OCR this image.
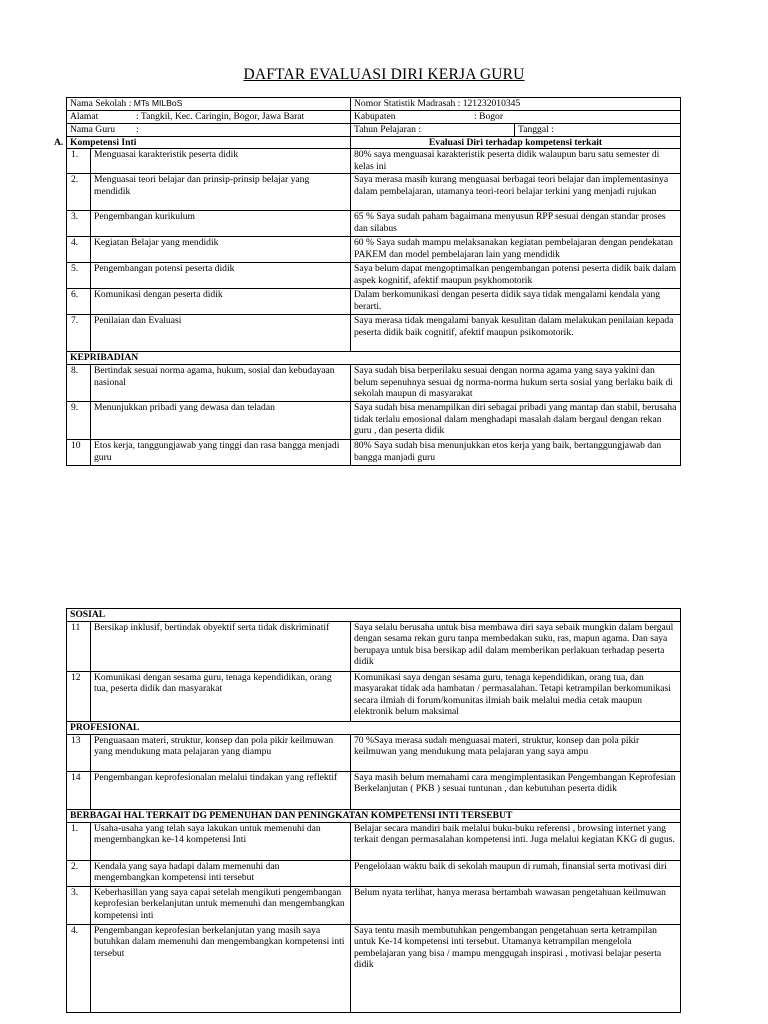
DAFTAR EVALUASI DIRI KERJA GURU
A.
Nama Sekolah : MTs MILBoS		Nomor Statistik Madrasah : 121232010345	
Alamat : Tangkil, Kec. Caringin, Bogor, Jawa Barat		Kabupaten : Bogor	
Nama Guru :		Tahun Pelajaran :	Tanggal :
Kompetensi Inti		Evaluasi Diri terhadap kompetensi terkait	
1.	Menguasai karakteristik peserta didik	80% saya menguasai karakteristik peserta didik walaupun baru satu semester di kelas ini	
2.	Menguasai teori belajar dan prinsip-prinsip belajar yang mendidik	Saya merasa masih kurang menguasai berbagai teori belajar dan implementasinya dalam pembelajaran, utamanya teori-teori belajar terkini yang menjadi rujukan	
3.	Pengembangan kurikulum	65 % Saya sudah paham bagaimana menyusun RPP sesuai dengan standar proses dan silabus	
4.	Kegiatan Belajar yang mendidik	60 % Saya sudah mampu melaksanakan kegiatan pembelajaran dengan pendekatan PAKEM dan model pembelajaran lain yang mendidik	
5.	Pengembangan potensi peserta didik	Saya belum dapat mengoptimalkan pengembangan potensi peserta didik baik dalam aspek kognitif, afektif maupun psykhomotorik	
6.	Komunikasi dengan peserta didik	Dalam berkomunikasi dengan peserta didik saya tidak mengalami kendala yang berarti.	
7.	Penilaian dan Evaluasi	Saya merasa tidak mengalami banyak kesulitan dalam melakukan penilaian kepada peserta didik baik cognitif, afektif maupun psikomotorik.	
KEPRIBADIAN			
8.	Bertindak sesuai norma agama, hukum, sosial dan kebudayaan nasional	Saya sudah bisa berperilaku sesuai dengan norma agama yang saya yakini dan belum sepenuhnya sesuai dg norma-norma hukum serta sosial yang berlaku baik di sekolah maupun di masyarakat	
9.	Menunjukkan pribadi yang dewasa dan teladan	Saya sudah bisa menampilkan diri sebagai pribadi yang mantap dan stabil, berusaha tidak terlalu emosional dalam menghadapi masalah dalam bergaul dengan rekan guru , dan peserta didik	
10	Etos kerja, tanggungjawab yang tinggi dan rasa bangga menjadi guru	80% Saya sudah bisa menunjukkan etos kerja yang baik, bertanggungjawab dan bangga manjadi guru	
SOSIAL		
11	Bersikap inklusif, bertindak obyektif serta tidak diskriminatif	Saya selalu berusaha untuk bisa membawa diri saya sebaik mungkin dalam bergaul dengan sesama rekan guru tanpa membedakan suku, ras, mapun agama. Dan saya berupaya untuk bisa bersikap adil dalam memberikan perlakuan terhadap peserta didik
12	Komunikasi dengan sesama guru, tenaga kependidikan, orang tua, peserta didik dan masyarakat	Komunikasi saya dengan sesama guru, tenaga kependidikan, orang tua, dan masyarakat tidak ada hambatan / permasalahan. Tetapi ketrampilan berkomunikasi secara ilmiah di forum/komunitas ilmiah baik melalui media cetak maupun elektronik belum maksimal
PROFESIONAL		
13	Penguasaan materi, struktur, konsep dan pola pikir keilmuwan yang mendukung mata pelajaran yang diampu	70 %Saya merasa sudah menguasai materi, struktur, konsep dan pola pikir keilmuwan yang mendukung mata pelajaran yang saya ampu
14	Pengembangan keprofesionalan melalui tindakan yang reflektif	Saya masih belum memahami cara mengimplentasikan Pengembangan Keprofesian Berkelanjutan ( PKB ) sesuai tuntunan , dan kebutuhan peserta didik
BERBAGAI HAL TERKAIT DG PEMENUHAN DAN PENINGKATAN KOMPETENSI INTI TERSEBUT		
1.	Usaha-usaha yang telah saya lakukan untuk memenuhi dan mengembangkan ke-14 kompetensi Inti	Belajar secara mandiri baik melalui buku-buku referensi , browsing internet yang terkait dengan permasalahan kompetensi inti. Juga melalui kegiatan KKG di gugus.
2.	Kendala yang saya hadapi dalam memenuhi dan mengembangkan kompetensi inti tersebut	Pengelolaan waktu baik di sekolah maupun di rumah, finansial serta motivasi diri
3.	Keberhasillan yang saya capai setelah mengikuti pengembangan keprofesian berkelanjutan untuk memenuhi dan mengembangkan kompetensi inti	Belum nyata terlihat, hanya merasa bertambah wawasan pengetahuan keilmuwan
4.	Pengembangan keprofesian berkelanjutan yang masih saya butuhkan dalam memenuhi dan mengembangkan kompetensi inti tersebut	Saya tentu masih membutuhkan pengembangan pengetahuan serta ketrampilan untuk Ke-14 kompetensi inti tersebut. Utamanya ketrampilan mengelola pembelajaran yang bisa / mampu menggugah inspirasi , motivasi belajar peserta didik
